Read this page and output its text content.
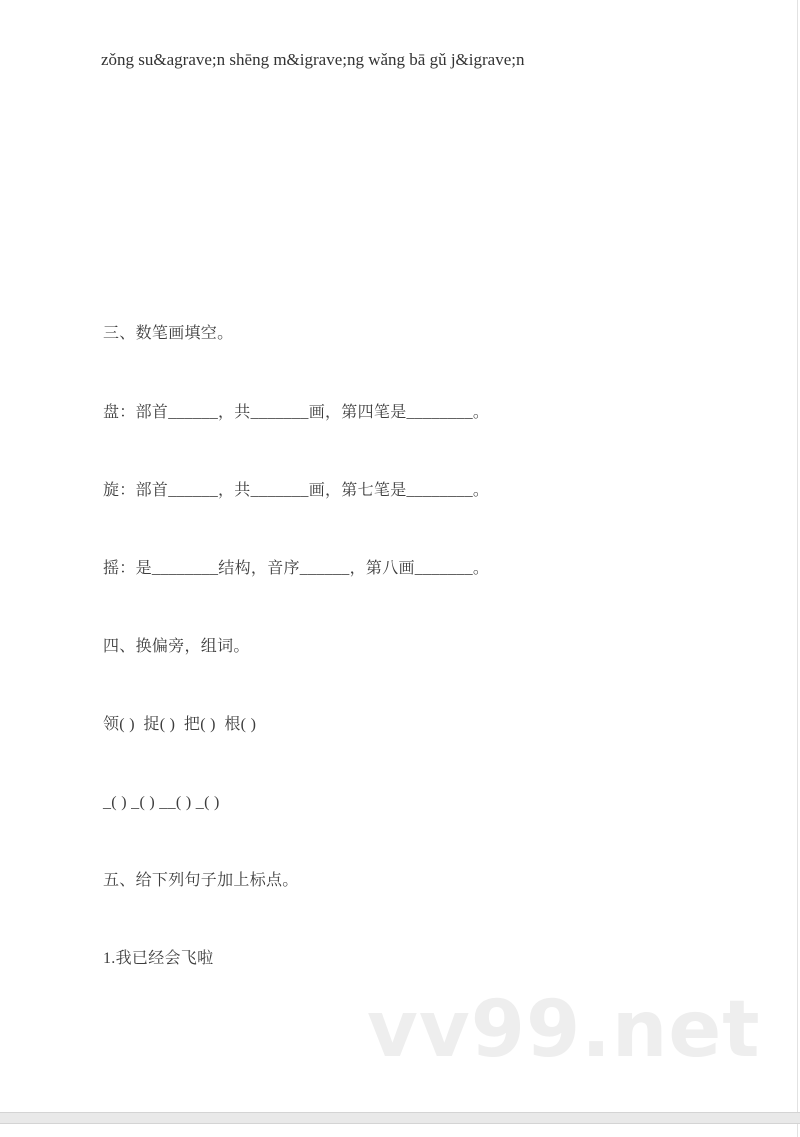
zǒng su&agrave;n shēng m&igrave;ng wǎng bā gǔ j&igrave;n
三、数笔画填空。
盘：部首______，共_______画，第四笔是________。
旋：部首______，共_______画，第七笔是________。
摇：是________结构，音序______，第八画_______。
四、换偏旁，组词。
领( )  捉( )  把( )  根( )
_( ) _( ) __( ) _( )
五、给下列句子加上标点。
1.我已经会飞啦
vv99.net
